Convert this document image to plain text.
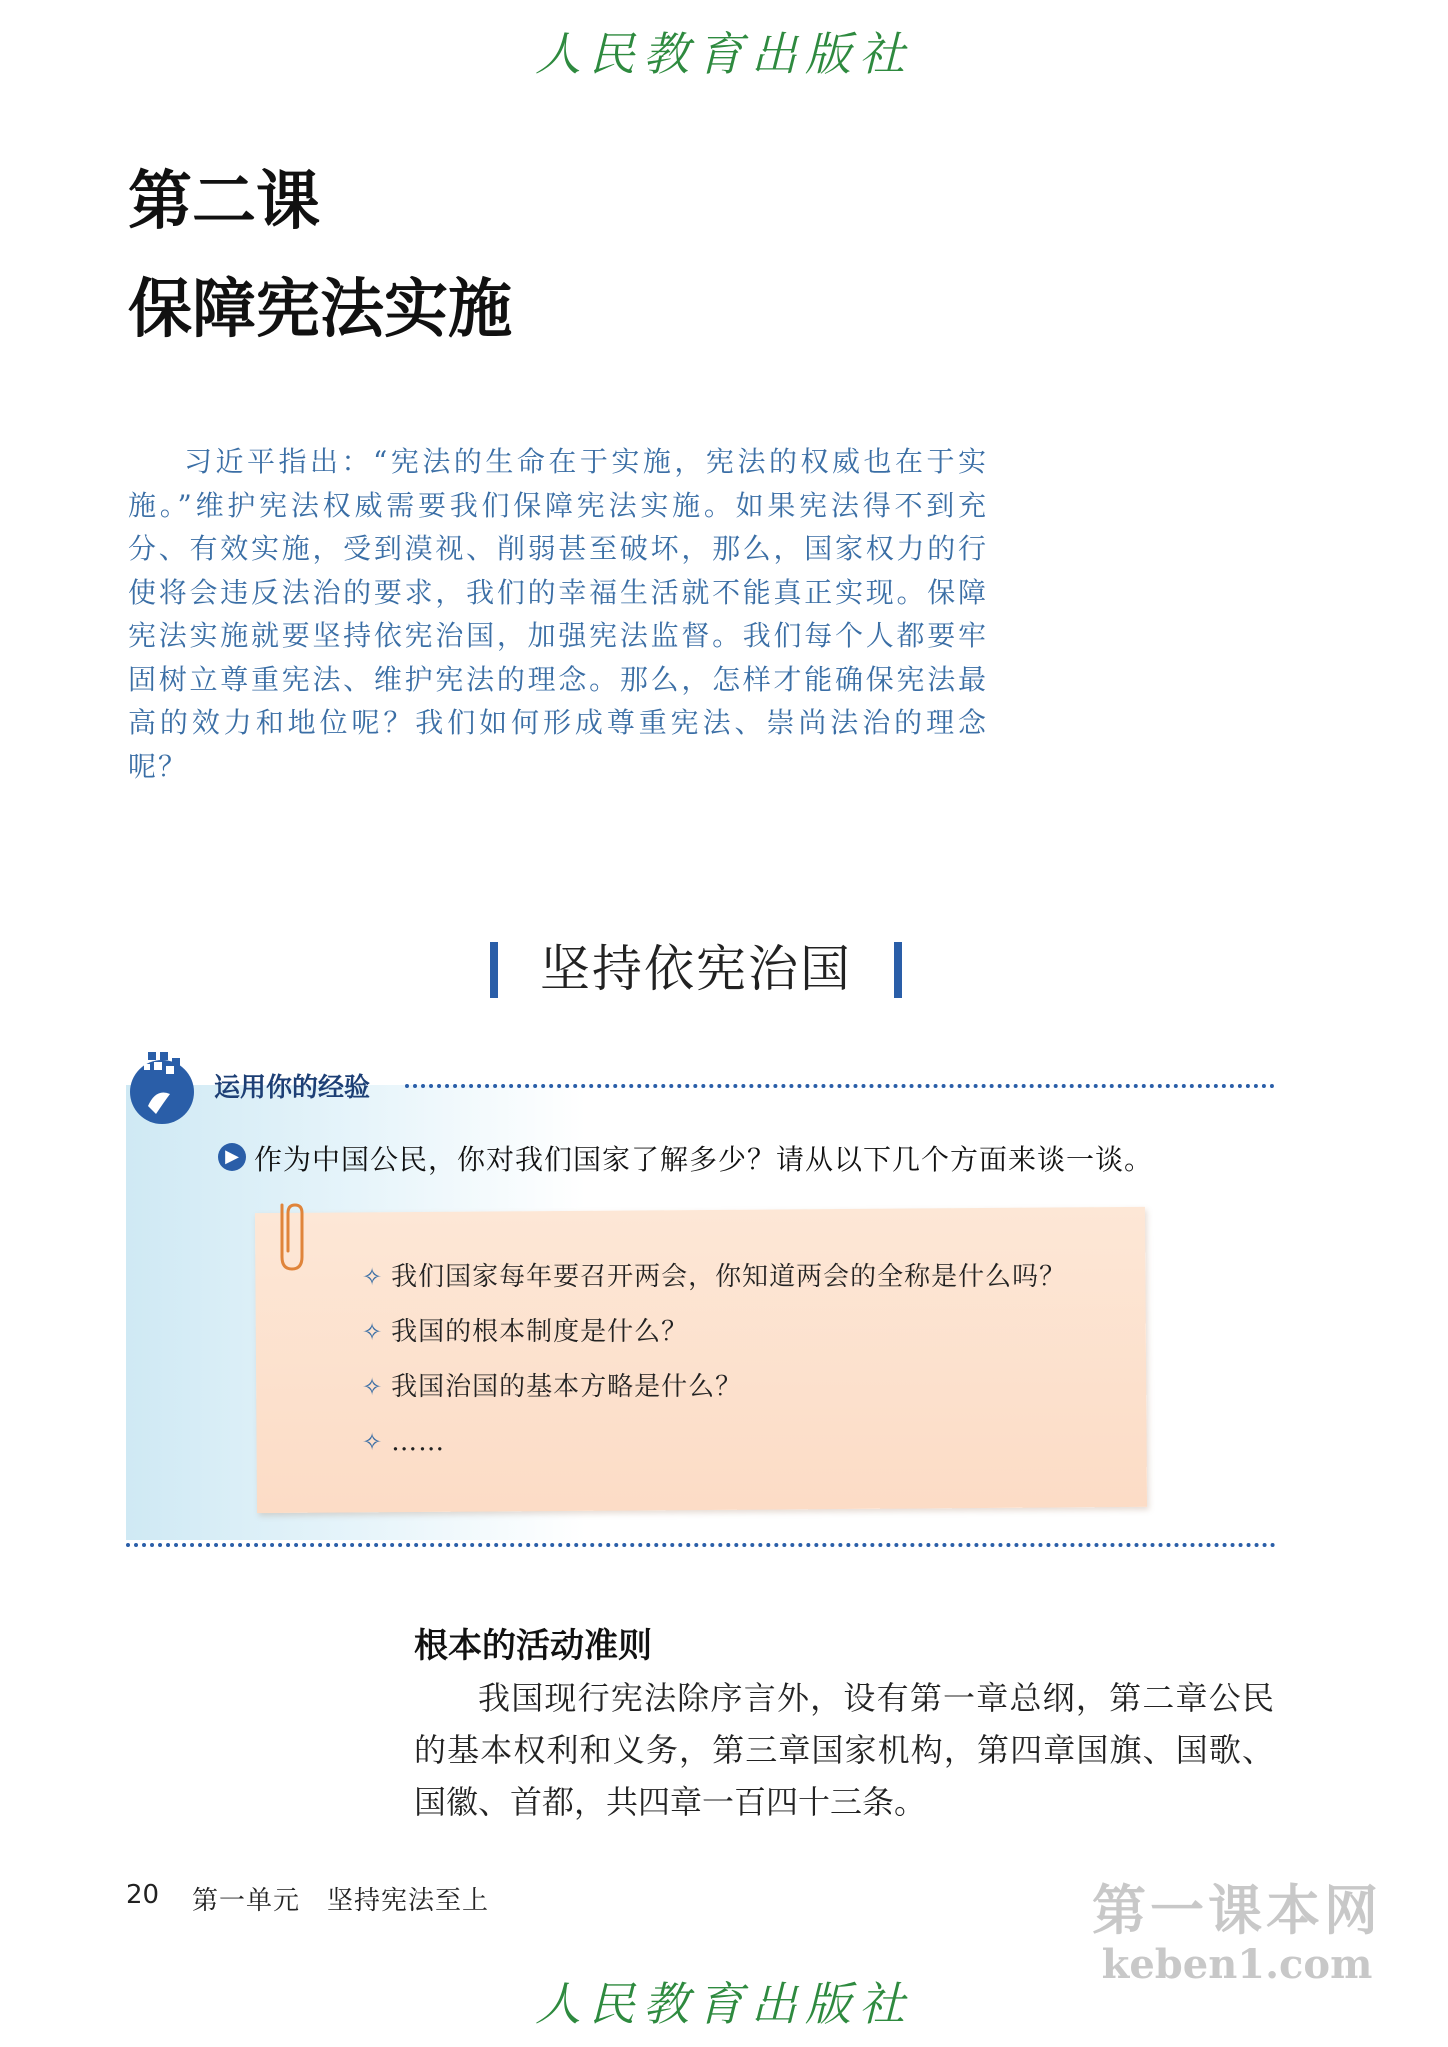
人民教育出版社
第二课
保障宪法实施

习近平指出：“宪法的生命在于实施，宪法的权威也在于实施。”维护宪法权威需要我们保障宪法实施。如果宪法得不到充分、有效实施，受到漠视、削弱甚至破坏，那么，国家权力的行使将会违反法治的要求，我们的幸福生活就不能真正实现。保障宪法实施就要坚持依宪治国，加强宪法监督。我们每个人都要牢固树立尊重宪法、维护宪法的理念。那么，怎样才能确保宪法最高的效力和地位呢？我们如何形成尊重宪法、崇尚法治的理念呢？

坚持依宪治国
运用你的经验
▶ 作为中国公民，你对我们国家了解多少？请从以下几个方面来谈一谈。
✧ 我们国家每年要召开两会，你知道两会的全称是什么吗？
✧ 我国的根本制度是什么？
✧ 我国治国的基本方略是什么？
✧ ……
根本的活动准则

我国现行宪法除序言外，设有第一章总纲，第二章公民的基本权利和义务，第三章国家机构，第四章国旗、国歌、国徽、首都，共四章一百四十三条。

20 第一单元　坚持宪法至上	第一课本网
keben1.com
人民教育出版社
